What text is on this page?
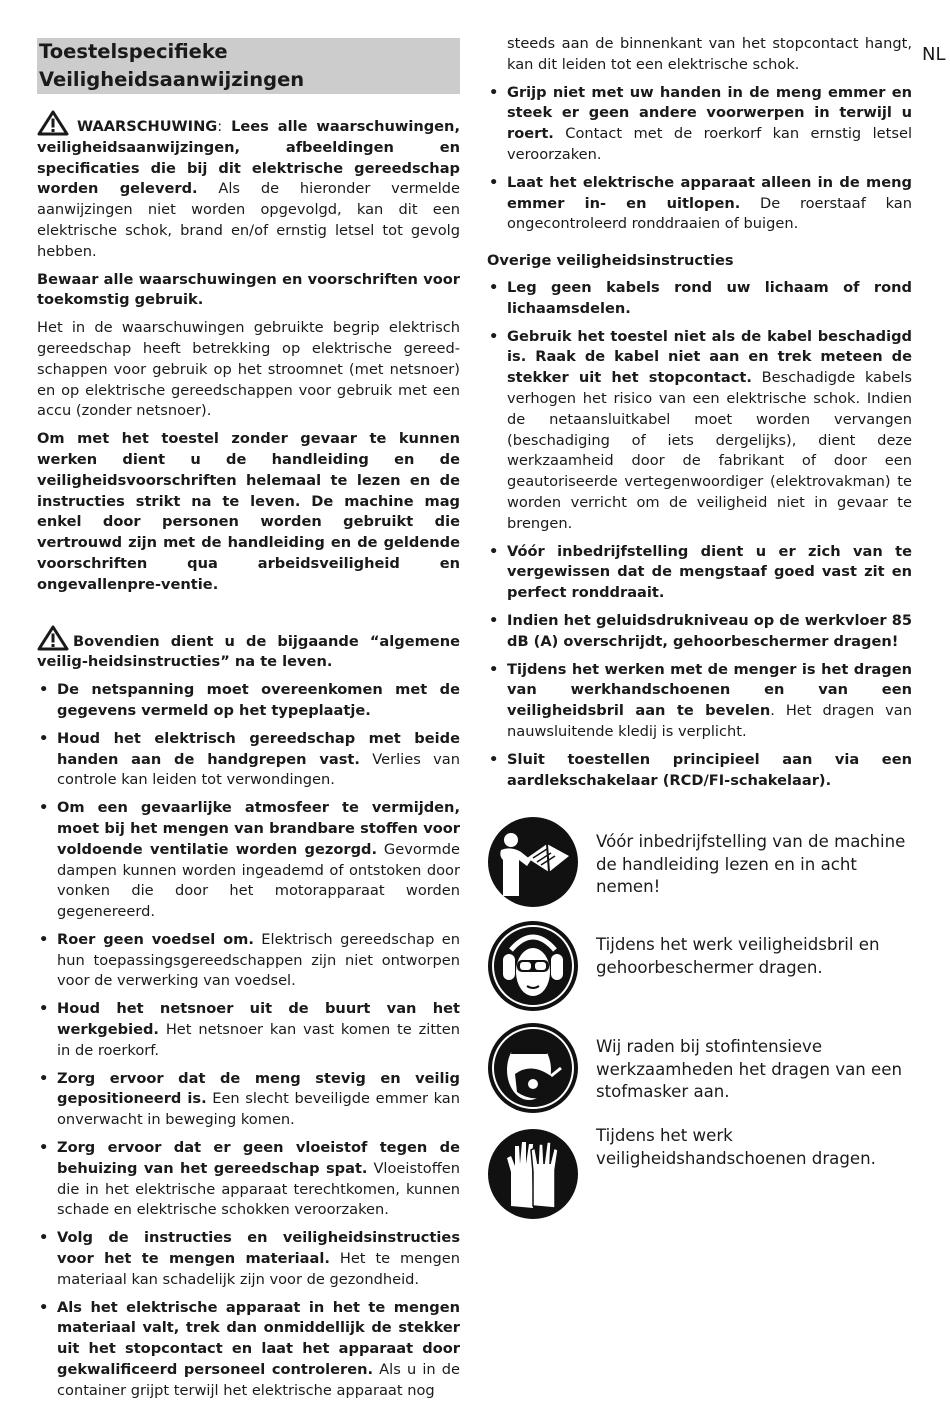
NL
Toestelspecifieke
Veiligheidsaanwijzingen

WAARSCHUWING: Lees alle waarschuwingen, veiligheidsaanwijzingen, afbeeldingen en specificaties die bij dit elektrische gereedschap worden geleverd. Als de hieronder vermelde aanwijzingen niet worden opgevolgd, kan dit een elektrische schok, brand en/of ernstig letsel tot gevolg hebben.

Bewaar alle waarschuwingen en voorschriften voor toekomstig gebruik.

Het in de waarschuwingen gebruikte begrip elektrisch gereedschap heeft betrekking op elektrische gereed-schappen voor gebruik op het stroomnet (met netsnoer) en op elektrische gereedschappen voor gebruik met een accu (zonder netsnoer).

Om met het toestel zonder gevaar te kunnen werken dient u de handleiding en de veiligheidsvoorschriften helemaal te lezen en de instructies strikt na te leven. De machine mag enkel door personen worden gebruikt die vertrouwd zijn met de handleiding en de geldende voorschriften qua arbeidsveiligheid en ongevallenpre-ventie.

Bovendien dient u de bijgaande “algemene veilig-heidsinstructies” na te leven.

• De netspanning moet overeenkomen met de gegevens vermeld op het typeplaatje.
• Houd het elektrisch gereedschap met beide handen aan de handgrepen vast. Verlies van controle kan leiden tot verwondingen.
• Om een gevaarlijke atmosfeer te vermijden, moet bij het mengen van brandbare stoffen voor voldoende ventilatie worden gezorgd. Gevormde dampen kunnen worden ingeademd of ontstoken door vonken die door het motorapparaat worden gegenereerd.
• Roer geen voedsel om. Elektrisch gereedschap en hun toepassingsgereedschappen zijn niet ontworpen voor de verwerking van voedsel.
• Houd het netsnoer uit de buurt van het werkgebied. Het netsnoer kan vast komen te zitten in de roerkorf.
• Zorg ervoor dat de meng stevig en veilig gepositioneerd is. Een slecht beveiligde emmer kan onverwacht in beweging komen.
• Zorg ervoor dat er geen vloeistof tegen de behuizing van het gereedschap spat. Vloeistoffen die in het elektrische apparaat terechtkomen, kunnen schade en elektrische schokken veroorzaken.
• Volg de instructies en veiligheidsinstructies voor het te mengen materiaal. Het te mengen materiaal kan schadelijk zijn voor de gezondheid.
• Als het elektrische apparaat in het te mengen materiaal valt, trek dan onmiddellijk de stekker uit het stopcontact en laat het apparaat door gekwalificeerd personeel controleren. Als u in de container grijpt terwijl het elektrische apparaat nog

steeds aan de binnenkant van het stopcontact hangt, kan dit leiden tot een elektrische schok.

• Grijp niet met uw handen in de meng emmer en steek er geen andere voorwerpen in terwijl u roert. Contact met de roerkorf kan ernstig letsel veroorzaken.
• Laat het elektrische apparaat alleen in de meng emmer in- en uitlopen. De roerstaaf kan ongecontroleerd ronddraaien of buigen.
Overige veiligheidsinstructies
• Leg geen kabels rond uw lichaam of rond lichaamsdelen.
• Gebruik het toestel niet als de kabel beschadigd is. Raak de kabel niet aan en trek meteen de stekker uit het stopcontact. Beschadigde kabels verhogen het risico van een elektrische schok. Indien de netaansluitkabel moet worden vervangen (beschadiging of iets dergelijks), dient deze werkzaamheid door de fabrikant of door een geautoriseerde vertegenwoordiger (elektrovakman) te worden verricht om de veiligheid niet in gevaar te brengen.
• Vóór inbedrijfstelling dient u er zich van te vergewissen dat de mengstaaf goed vast zit en perfect ronddraait.
• Indien het geluidsdrukniveau op de werkvloer 85 dB (A) overschrijdt, gehoorbeschermer dragen!
• Tijdens het werken met de menger is het dragen van werkhandschoenen en van een veiligheidsbril aan te bevelen. Het dragen van nauwsluitende kledij is verplicht.
• Sluit toestellen principieel aan via een aardlekschakelaar (RCD/FI-schakelaar).
Vóór inbedrijfstelling van de machine
de handleiding lezen en in acht nemen!
Tijdens het werk veiligheidsbril en
gehoorbeschermer dragen.
Wij raden bij stofintensieve
werkzaamheden het dragen van een
stofmasker aan.
Tijdens het werk
veiligheidshandschoenen dragen.
